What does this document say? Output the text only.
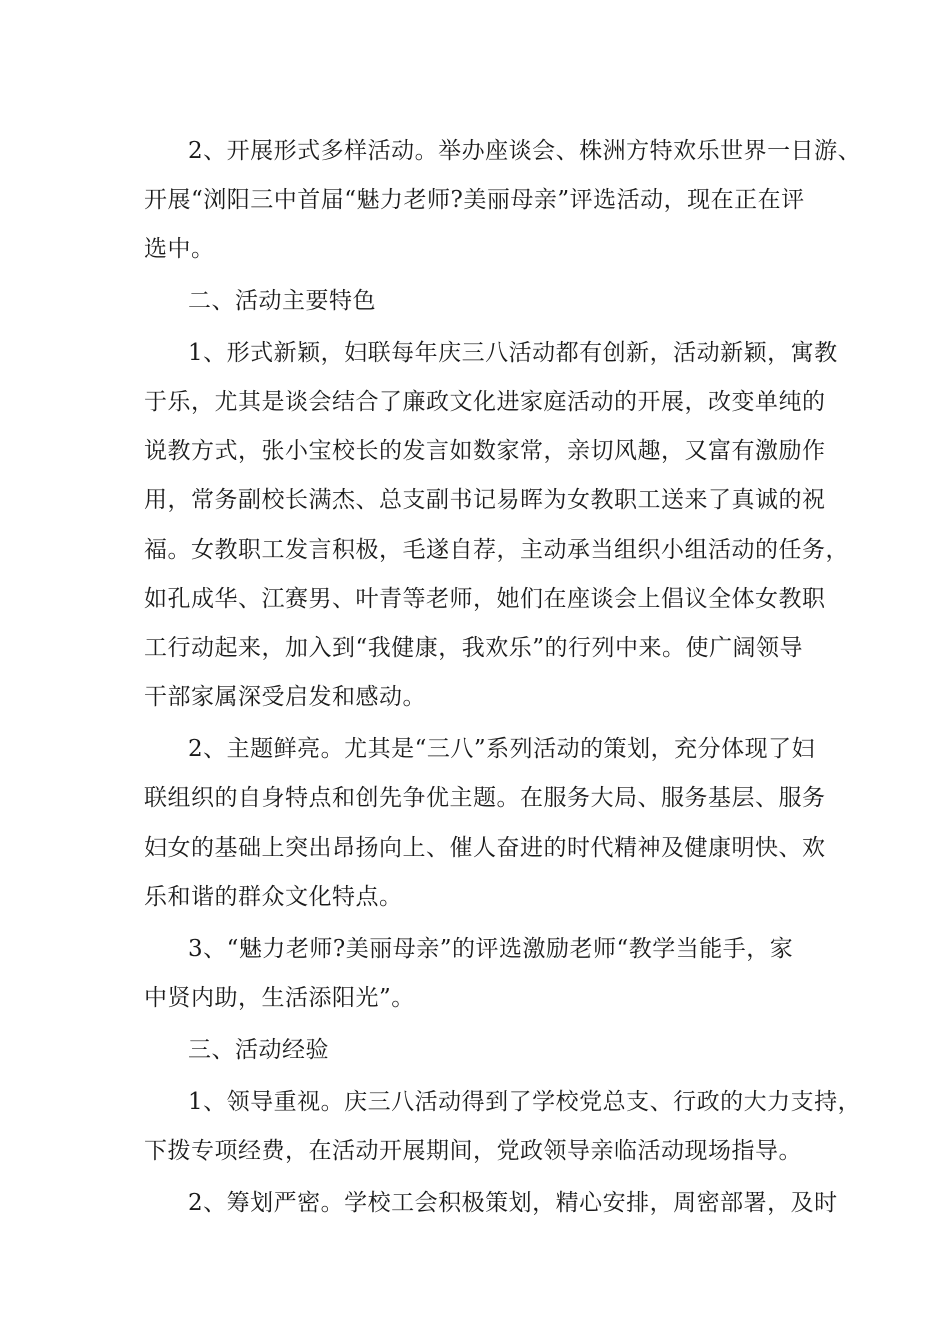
2、开展形式多样活动。举办座谈会、株洲方特欢乐世界一日游、
开展“浏阳三中首届“魅力老师?美丽母亲”评选活动，现在正在评
选中。
二、活动主要特色
1、形式新颖，妇联每年庆三八活动都有创新，活动新颖，寓教
于乐，尤其是谈会结合了廉政文化进家庭活动的开展，改变单纯的
说教方式，张小宝校长的发言如数家常，亲切风趣，又富有激励作
用，常务副校长满杰、总支副书记易晖为女教职工送来了真诚的祝
福。女教职工发言积极，毛遂自荐，主动承当组织小组活动的任务，
如孔成华、江赛男、叶青等老师，她们在座谈会上倡议全体女教职
工行动起来，加入到“我健康，我欢乐”的行列中来。使广阔领导
干部家属深受启发和感动。
2、主题鲜亮。尤其是“三八”系列活动的策划，充分体现了妇
联组织的自身特点和创先争优主题。在服务大局、服务基层、服务
妇女的基础上突出昂扬向上、催人奋进的时代精神及健康明快、欢
乐和谐的群众文化特点。
3、“魅力老师?美丽母亲”的评选激励老师“教学当能手，家
中贤内助，生活添阳光”。
三、活动经验
1、领导重视。庆三八活动得到了学校党总支、行政的大力支持，
下拨专项经费，在活动开展期间，党政领导亲临活动现场指导。
2、筹划严密。学校工会积极策划，精心安排，周密部署，及时
